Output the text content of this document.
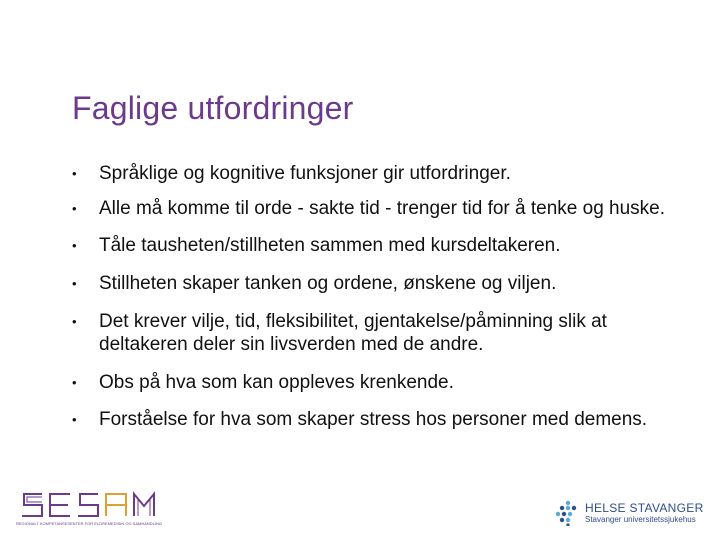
Faglige utfordringer
• Språklige og kognitive funksjoner gir utfordringer.
• Alle må komme til orde - sakte tid - trenger tid for å tenke og huske.
• Tåle tausheten/stillheten sammen med kursdeltakeren.
• Stillheten skaper tanken og ordene, ønskene og viljen.
• Det krever vilje, tid, fleksibilitet, gjentakelse/påminning slik at deltakeren deler sin livsverden med de andre.
• Obs på hva som kan oppleves krenkende.
• Forståelse for hva som skaper stress hos personer med demens.
REGIONALT KOMPETANSESENTER FOR ELDREMEDISIN OG SAMHANDLING
HELSE STAVANGER
Stavanger universitetssjukehus
